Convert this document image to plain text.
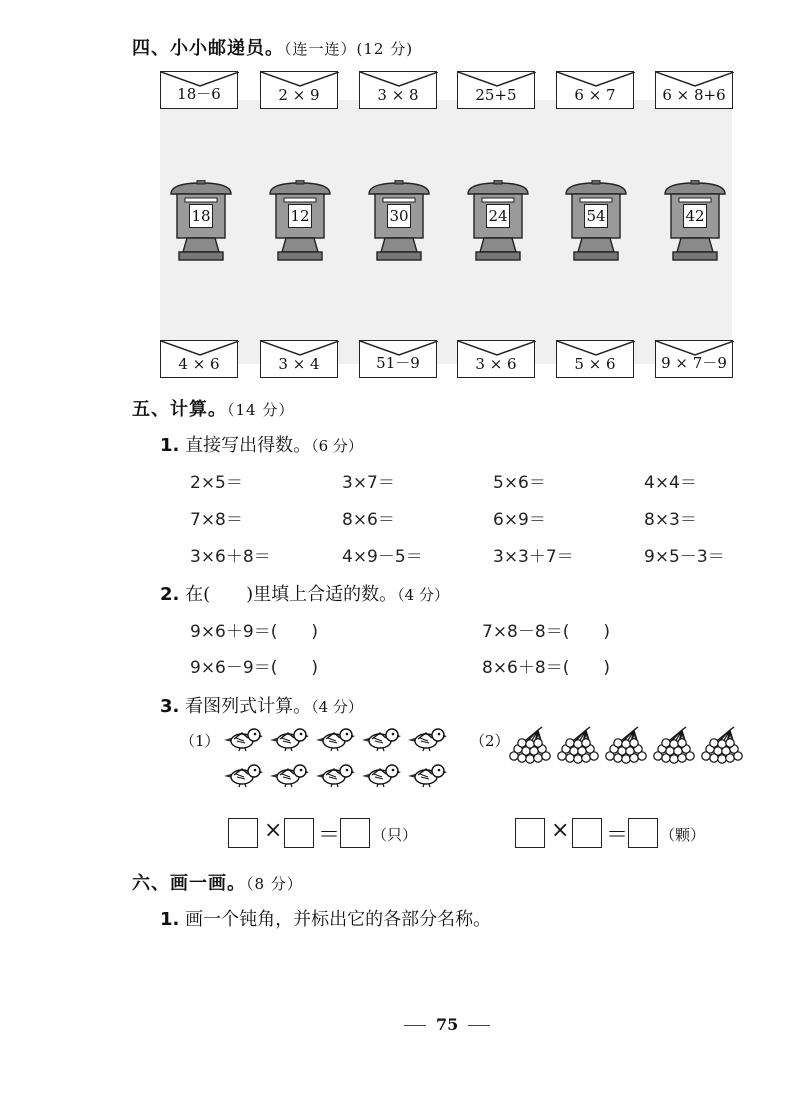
四、小小邮递员。（连一连）(12 分)
18－6	2 × 9	3 × 8	25+5	6 × 7	6 × 8+6
18	12	30	24	54	42
4 × 6	3 × 4	51－9	3 × 6	5 × 6	9 × 7－9
五、计算。（14 分）
1. 直接写出得数。（6 分）
2×5＝	3×7＝	5×6＝	4×4＝
7×8＝	8×6＝	6×9＝	8×3＝
3×6＋8＝	4×9－5＝	3×3＋7＝	9×5－3＝
2. 在(　　)里填上合适的数。（4 分）
9×6＋9＝(　　)	7×8－8＝(　　)
9×6－9＝(　　)	8×6＋8＝(　　)
3. 看图列式计算。（4 分）
（1）	（2）
× ＝ （只）	× ＝ （颗）
六、画一画。（8 分）
1. 画一个钝角，并标出它的各部分名称。
75
